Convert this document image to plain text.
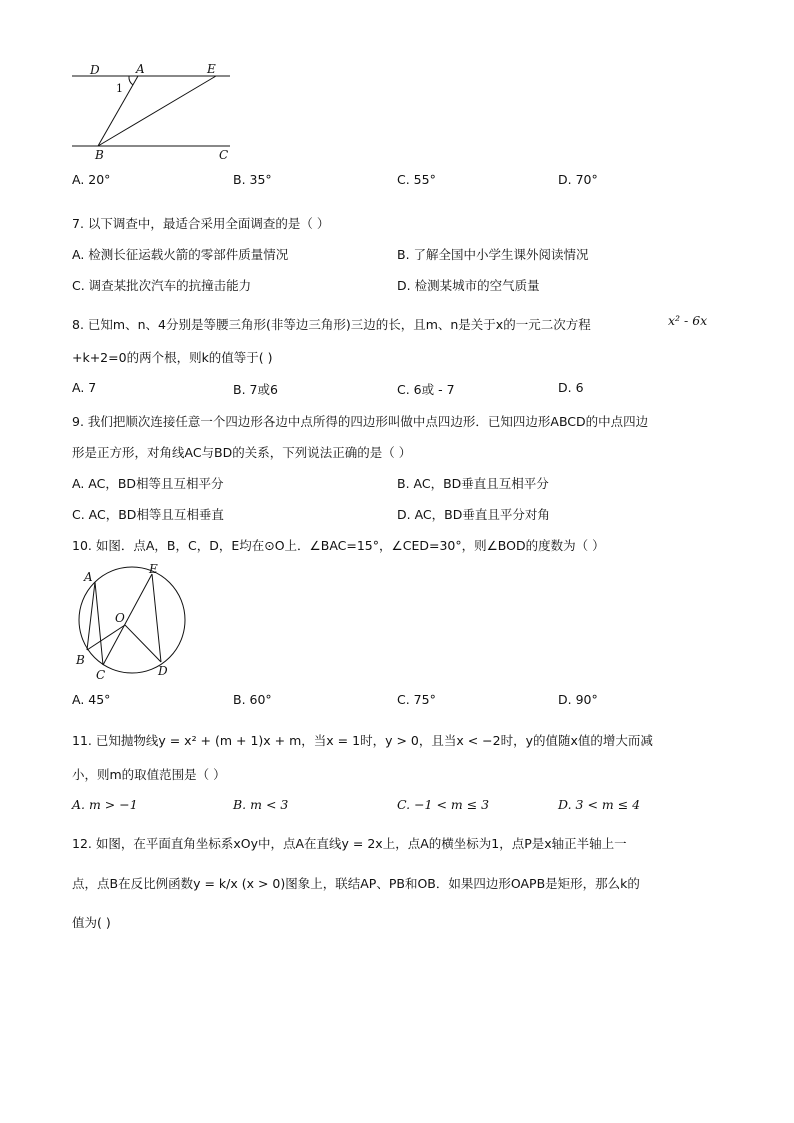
D	A	E
1
B	C
A. 20°	B. 35°	C. 55°	D. 70°
7. 以下调查中，最适合采用全面调查的是（ ）
A. 检测长征运载火箭的零部件质量情况	B. 了解全国中小学生课外阅读情况
C. 调查某批次汽车的抗撞击能力	D. 检测某城市的空气质量
8. 已知m、n、4分别是等腰三角形(非等边三角形)三边的长，且m、n是关于x的一元二次方程	x² - 6x
+k+2=0的两个根，则k的值等于( )
A. 7	B. 7或6	C. 6或 - 7	D. 6
9. 我们把顺次连接任意一个四边形各边中点所得的四边形叫做中点四边形．已知四边形ABCD的中点四边
形是正方形，对角线AC与BD的关系，下列说法正确的是（ ）
A. AC，BD相等且互相平分	B. AC，BD垂直且互相平分
C. AC，BD相等且互相垂直	D. AC，BD垂直且平分对角
10. 如图．点A，B，C，D，E均在⊙O上．∠BAC=15°，∠CED=30°，则∠BOD的度数为（ ）
A
E
O
B
C	D
A. 45°	B. 60°	C. 75°	D. 90°
11. 已知抛物线y = x² + (m + 1)x + m，当x = 1时，y > 0，且当x < −2时，y的值随x值的增大而减
小，则m的取值范围是（ ）
A. m > −1	B. m < 3	C. −1 < m ≤ 3	D. 3 < m ≤ 4
12. 如图，在平面直角坐标系xOy中，点A在直线y = 2x上，点A的横坐标为1，点P是x轴正半轴上一
点，点B在反比例函数y = k/x (x > 0)图象上，联结AP、PB和OB．如果四边形OAPB是矩形，那么k的
值为( )
